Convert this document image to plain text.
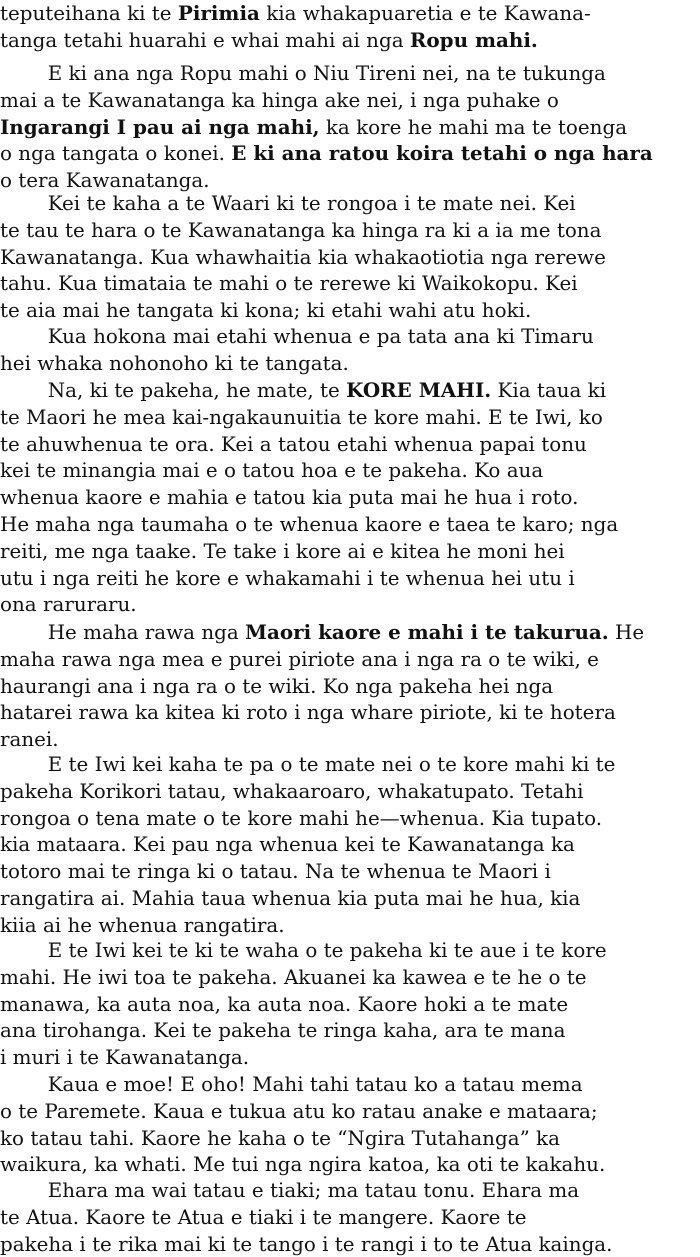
teputeihana ki te Pirimia kia whakapuaretia e te Kawana-
tanga tetahi huarahi e whai mahi ai nga Ropu mahi.
E ki ana nga Ropu mahi o Niu Tireni nei, na te tukunga
mai a te Kawanatanga ka hinga ake nei, i nga puhake o
Ingarangi I pau ai nga mahi, ka kore he mahi ma te toenga
o nga tangata o konei. E ki ana ratou koira tetahi o nga hara
o tera Kawanatanga.
Kei te kaha a te Waari ki te rongoa i te mate nei. Kei
te tau te hara o te Kawanatanga ka hinga ra ki a ia me tona
Kawanatanga. Kua whawhaitia kia whakaotiotia nga rerewe
tahu. Kua timataia te mahi o te rerewe ki Waikokopu. Kei
te aia mai he tangata ki kona; ki etahi wahi atu hoki.
Kua hokona mai etahi whenua e pa tata ana ki Timaru
hei whaka nohonoho ki te tangata.
Na, ki te pakeha, he mate, te KORE MAHI. Kia taua ki
te Maori he mea kai-ngakaunuitia te kore mahi. E te Iwi, ko
te ahuwhenua te ora. Kei a tatou etahi whenua papai tonu
kei te minangia mai e o tatou hoa e te pakeha. Ko aua
whenua kaore e mahia e tatou kia puta mai he hua i roto.
He maha nga taumaha o te whenua kaore e taea te karo; nga
reiti, me nga taake. Te take i kore ai e kitea he moni hei
utu i nga reiti he kore e whakamahi i te whenua hei utu i
ona raruraru.
He maha rawa nga Maori kaore e mahi i te takurua. He
maha rawa nga mea e purei piriote ana i nga ra o te wiki, e
haurangi ana i nga ra o te wiki. Ko nga pakeha hei nga
hatarei rawa ka kitea ki roto i nga whare piriote, ki te hotera
ranei.
E te Iwi kei kaha te pa o te mate nei o te kore mahi ki te
pakeha Korikori tatau, whakaaroaro, whakatupato. Tetahi
rongoa o tena mate o te kore mahi he—whenua. Kia tupato.
kia mataara. Kei pau nga whenua kei te Kawanatanga ka
totoro mai te ringa ki o tatau. Na te whenua te Maori i
rangatira ai. Mahia taua whenua kia puta mai he hua, kia
kiia ai he whenua rangatira.
E te Iwi kei te ki te waha o te pakeha ki te aue i te kore
mahi. He iwi toa te pakeha. Akuanei ka kawea e te he o te
manawa, ka auta noa, ka auta noa. Kaore hoki a te mate
ana tirohanga. Kei te pakeha te ringa kaha, ara te mana
i muri i te Kawanatanga.
Kaua e moe! E oho! Mahi tahi tatau ko a tatau mema
o te Paremete. Kaua e tukua atu ko ratau anake e mataara;
ko tatau tahi. Kaore he kaha o te “Ngira Tutahanga” ka
waikura, ka whati. Me tui nga ngira katoa, ka oti te kakahu.
Ehara ma wai tatau e tiaki; ma tatau tonu. Ehara ma
te Atua. Kaore te Atua e tiaki i te mangere. Kaore te
pakeha i te rika mai ki te tango i te rangi i to te Atua kainga.
